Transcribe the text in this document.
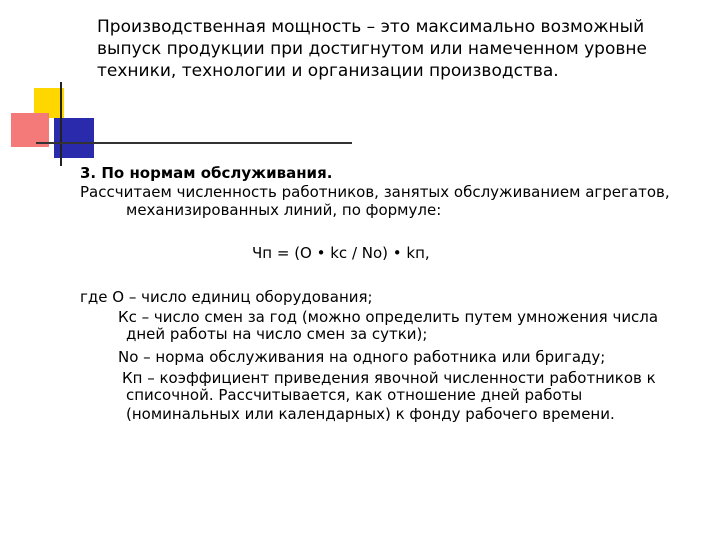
Производственная мощность – это максимально возможный
выпуск продукции при достигнутом или намеченном уровне
техники, технологии и организации производства.
3. По нормам обслуживания.
Рассчитаем численность работников, занятых обслуживанием агрегатов,
механизированных линий, по формуле:
Чп = (О • kс / Nо) • kп,
где О – число единиц оборудования;
Кс – число смен за год (можно определить путем умножения числа
дней работы на число смен за сутки);
Nо – норма обслуживания на одного работника или бригаду;
Кп – коэффициент приведения явочной численности работников к
списочной. Рассчитывается, как отношение дней работы
(номинальных или календарных) к фонду рабочего времени.
